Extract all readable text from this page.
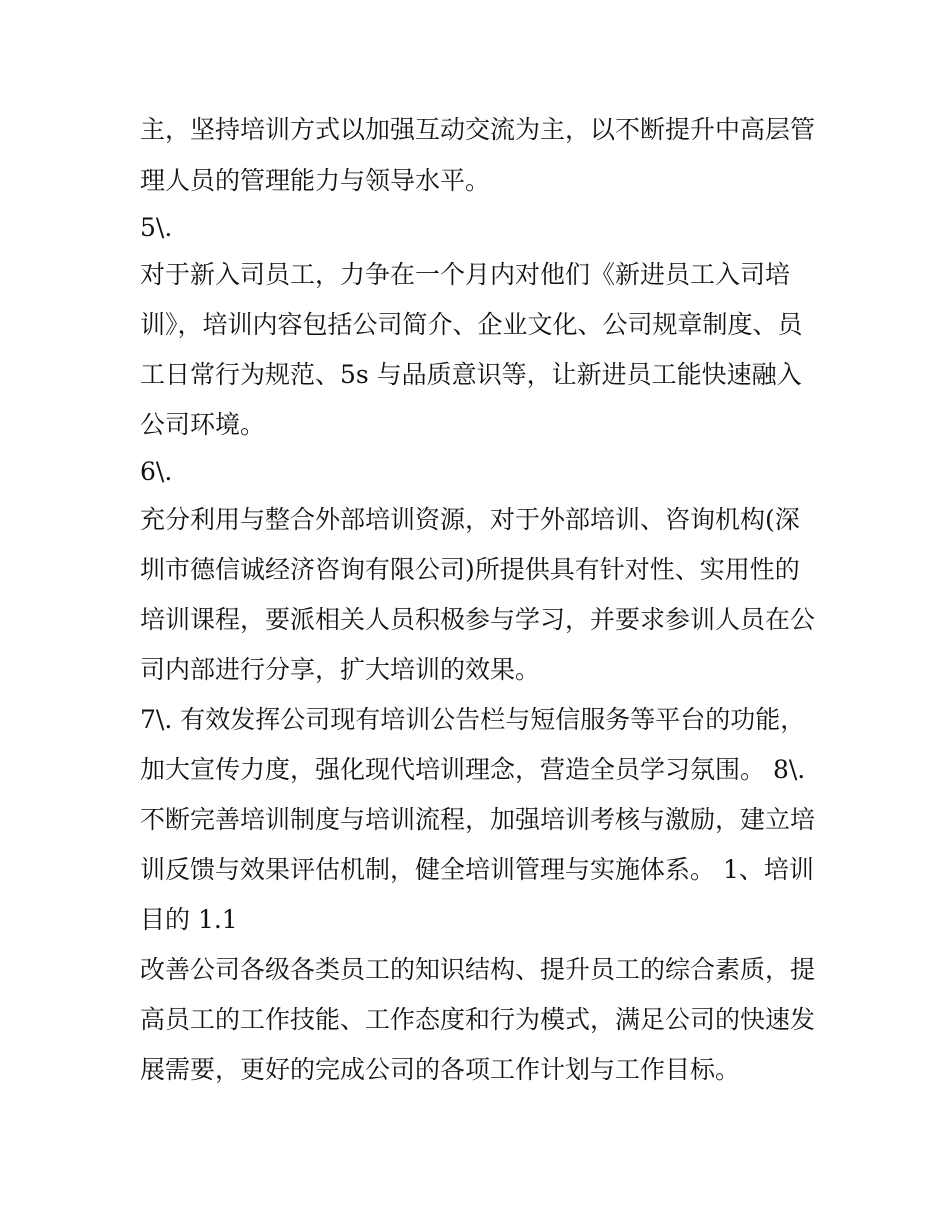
主，坚持培训方式以加强互动交流为主，以不断提升中高层管
理人员的管理能力与领导水平。
5\.
对于新入司员工，力争在一个月内对他们《新进员工入司培
训》，培训内容包括公司简介、企业文化、公司规章制度、员
工日常行为规范、5s 与品质意识等，让新进员工能快速融入
公司环境。
6\.
充分利用与整合外部培训资源，对于外部培训、咨询机构(深
圳市德信诚经济咨询有限公司)所提供具有针对性、实用性的
培训课程，要派相关人员积极参与学习，并要求参训人员在公
司内部进行分享，扩大培训的效果。
7\. 有效发挥公司现有培训公告栏与短信服务等平台的功能，
加大宣传力度，强化现代培训理念，营造全员学习氛围。 8\.
不断完善培训制度与培训流程，加强培训考核与激励，建立培
训反馈与效果评估机制，健全培训管理与实施体系。 1、培训
目的 1.1
改善公司各级各类员工的知识结构、提升员工的综合素质，提
高员工的工作技能、工作态度和行为模式，满足公司的快速发
展需要，更好的完成公司的各项工作计划与工作目标。
